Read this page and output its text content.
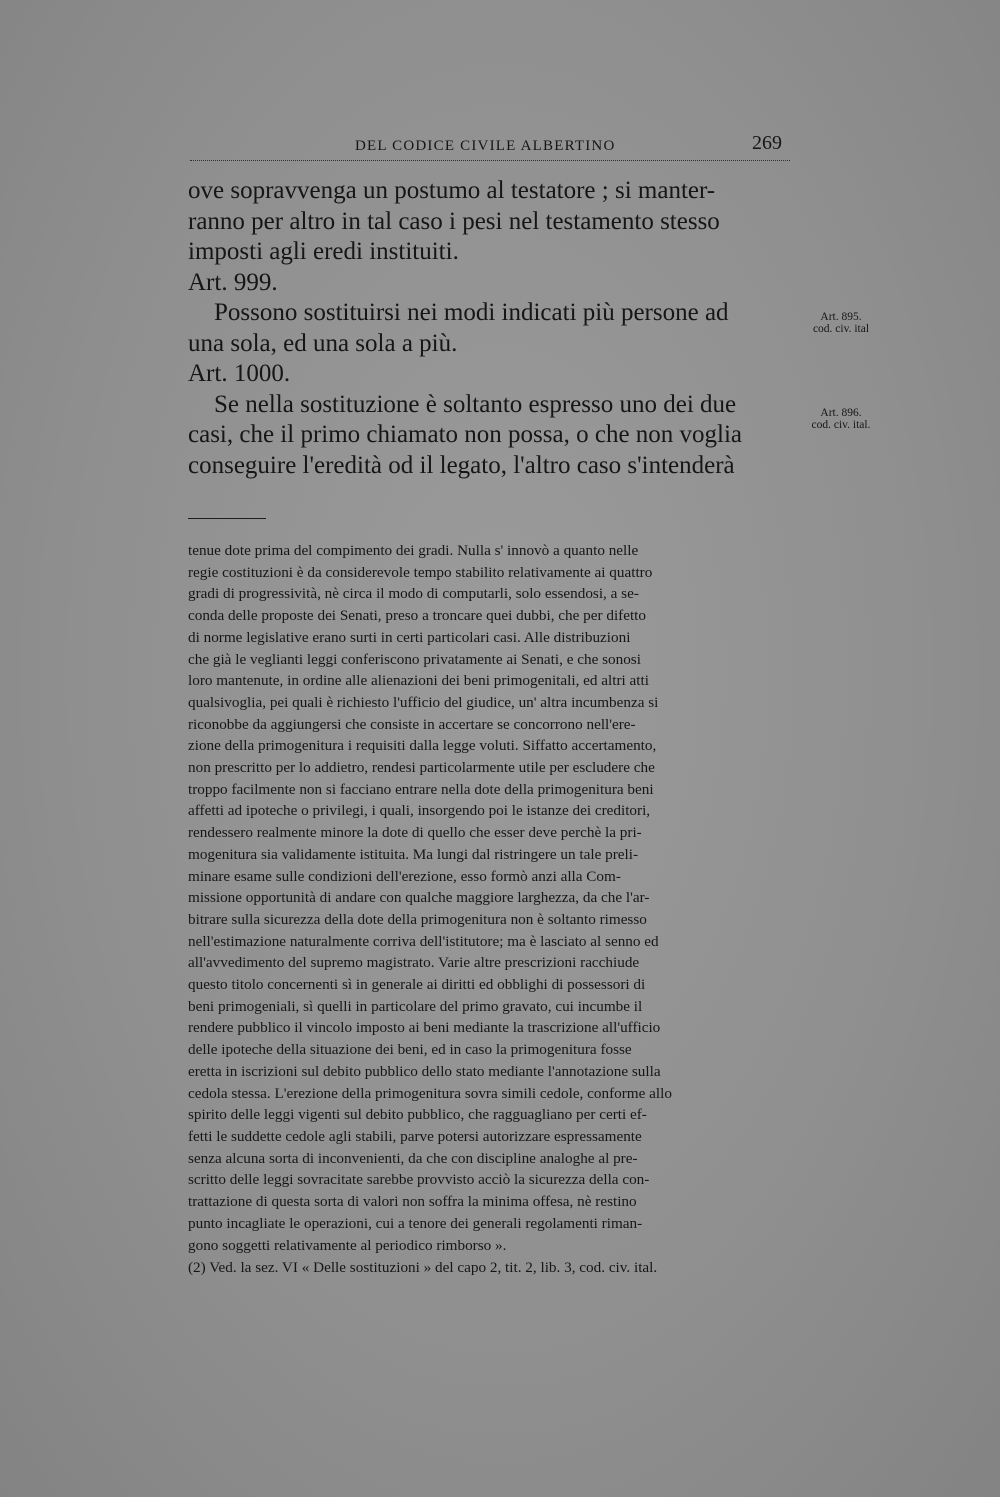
DEL CODICE CIVILE ALBERTINO	269

ove sopravvenga un postumo al testatore ; si manter-

ranno per altro in tal caso i pesi nel testamento stesso

imposti agli eredi instituiti.

Art. 999.

Possono sostituirsi nei modi indicati più persone ad

una sola, ed una sola a più.

Art. 1000.

Se nella sostituzione è soltanto espresso uno dei due

casi, che il primo chiamato non possa, o che non voglia

conseguire l'eredità od il legato, l'altro caso s'intenderà

Art. 895.
cod. civ. ital
Art. 896.
cod. civ. ital.

tenue dote prima del compimento dei gradi. Nulla s' innovò a quanto nelle

regie costituzioni è da considerevole tempo stabilito relativamente ai quattro

gradi di progressività, nè circa il modo di computarli, solo essendosi, a se-

conda delle proposte dei Senati, preso a troncare quei dubbi, che per difetto

di norme legislative erano surti in certi particolari casi. Alle distribuzioni

che già le veglianti leggi conferiscono privatamente ai Senati, e che sonosi

loro mantenute, in ordine alle alienazioni dei beni primogenitali, ed altri atti

qualsivoglia, pei quali è richiesto l'ufficio del giudice, un' altra incumbenza si

riconobbe da aggiungersi che consiste in accertare se concorrono nell'ere-

zione della primogenitura i requisiti dalla legge voluti. Siffatto accertamento,

non prescritto per lo addietro, rendesi particolarmente utile per escludere che

troppo facilmente non si facciano entrare nella dote della primogenitura beni

affetti ad ipoteche o privilegi, i quali, insorgendo poi le istanze dei creditori,

rendessero realmente minore la dote di quello che esser deve perchè la pri-

mogenitura sia validamente istituita. Ma lungi dal ristringere un tale preli-

minare esame sulle condizioni dell'erezione, esso formò anzi alla Com-

missione opportunità di andare con qualche maggiore larghezza, da che l'ar-

bitrare sulla sicurezza della dote della primogenitura non è soltanto rimesso

nell'estimazione naturalmente corriva dell'istitutore; ma è lasciato al senno ed

all'avvedimento del supremo magistrato. Varie altre prescrizioni racchiude

questo titolo concernenti sì in generale ai diritti ed obblighi di possessori di

beni primogeniali, sì quelli in particolare del primo gravato, cui incumbe il

rendere pubblico il vincolo imposto ai beni mediante la trascrizione all'ufficio

delle ipoteche della situazione dei beni, ed in caso la primogenitura fosse

eretta in iscrizioni sul debito pubblico dello stato mediante l'annotazione sulla

cedola stessa. L'erezione della primogenitura sovra simili cedole, conforme allo

spirito delle leggi vigenti sul debito pubblico, che ragguagliano per certi ef-

fetti le suddette cedole agli stabili, parve potersi autorizzare espressamente

senza alcuna sorta di inconvenienti, da che con discipline analoghe al pre-

scritto delle leggi sovracitate sarebbe provvisto acciò la sicurezza della con-

trattazione di questa sorta di valori non soffra la minima offesa, nè restino

punto incagliate le operazioni, cui a tenore dei generali regolamenti riman-

gono soggetti relativamente al periodico rimborso ».

(2) Ved. la sez. VI « Delle sostituzioni » del capo 2, tit. 2, lib. 3, cod. civ. ital.
